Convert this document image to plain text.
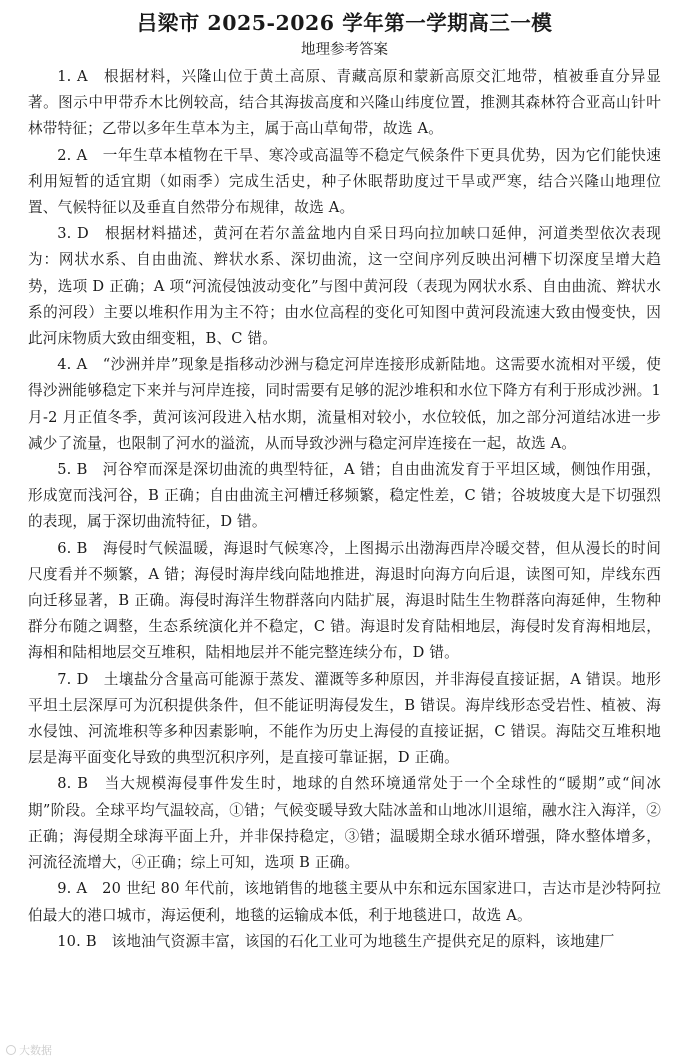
吕梁市 2025-2026 学年第一学期高三一模
地理参考答案

1. A　根据材料，兴隆山位于黄土高原、青藏高原和蒙新高原交汇地带，植被垂直分异显著。图示中甲带乔木比例较高，结合其海拔高度和兴隆山纬度位置，推测其森林符合亚高山针叶林带特征；乙带以多年生草本为主，属于高山草甸带，故选 A。

2. A　一年生草本植物在干旱、寒冷或高温等不稳定气候条件下更具优势，因为它们能快速利用短暂的适宜期（如雨季）完成生活史，种子休眠帮助度过干旱或严寒，结合兴隆山地理位置、气候特征以及垂直自然带分布规律，故选 A。

3. D　根据材料描述，黄河在若尔盖盆地内自采日玛向拉加峡口延伸，河道类型依次表现为：网状水系、自由曲流、辫状水系、深切曲流，这一空间序列反映出河槽下切深度呈增大趋势，选项 D 正确；A 项“河流侵蚀波动变化”与图中黄河段（表现为网状水系、自由曲流、辫状水系的河段）主要以堆积作用为主不符；由水位高程的变化可知图中黄河段流速大致由慢变快，因此河床物质大致由细变粗，B、C 错。

4. A　“沙洲并岸”现象是指移动沙洲与稳定河岸连接形成新陆地。这需要水流相对平缓，使得沙洲能够稳定下来并与河岸连接，同时需要有足够的泥沙堆积和水位下降方有利于形成沙洲。1 月-2 月正值冬季，黄河该河段进入枯水期，流量相对较小，水位较低，加之部分河道结冰进一步减少了流量，也限制了河水的溢流，从而导致沙洲与稳定河岸连接在一起，故选 A。

5. B　河谷窄而深是深切曲流的典型特征，A 错；自由曲流发育于平坦区域，侧蚀作用强，形成宽而浅河谷，B 正确；自由曲流主河槽迁移频繁，稳定性差，C 错；谷坡坡度大是下切强烈的表现，属于深切曲流特征，D 错。

6. B　海侵时气候温暖，海退时气候寒冷，上图揭示出渤海西岸冷暖交替，但从漫长的时间尺度看并不频繁，A 错；海侵时海岸线向陆地推进，海退时向海方向后退，读图可知，岸线东西向迁移显著，B 正确。海侵时海洋生物群落向内陆扩展，海退时陆生生物群落向海延伸，生物种群分布随之调整，生态系统演化并不稳定，C 错。海退时发育陆相地层，海侵时发育海相地层，海相和陆相地层交互堆积，陆相地层并不能完整连续分布，D 错。

7. D　土壤盐分含量高可能源于蒸发、灌溉等多种原因，并非海侵直接证据，A 错误。地形平坦土层深厚可为沉积提供条件，但不能证明海侵发生，B 错误。海岸线形态受岩性、植被、海水侵蚀、河流堆积等多种因素影响，不能作为历史上海侵的直接证据，C 错误。海陆交互堆积地层是海平面变化导致的典型沉积序列，是直接可靠证据，D 正确。

8. B　当大规模海侵事件发生时，地球的自然环境通常处于一个全球性的“暖期”或“间冰期”阶段。全球平均气温较高，①错；气候变暖导致大陆冰盖和山地冰川退缩，融水注入海洋，②正确；海侵期全球海平面上升，并非保持稳定，③错；温暖期全球水循环增强，降水整体增多，河流径流增大，④正确；综上可知，选项 B 正确。

9. A　20 世纪 80 年代前，该地销售的地毯主要从中东和远东国家进口，吉达市是沙特阿拉伯最大的港口城市，海运便利，地毯的运输成本低，利于地毯进口，故选 A。

10. B　该地油气资源丰富，该国的石化工业可为地毯生产提供充足的原料，该地建厂

大数据
